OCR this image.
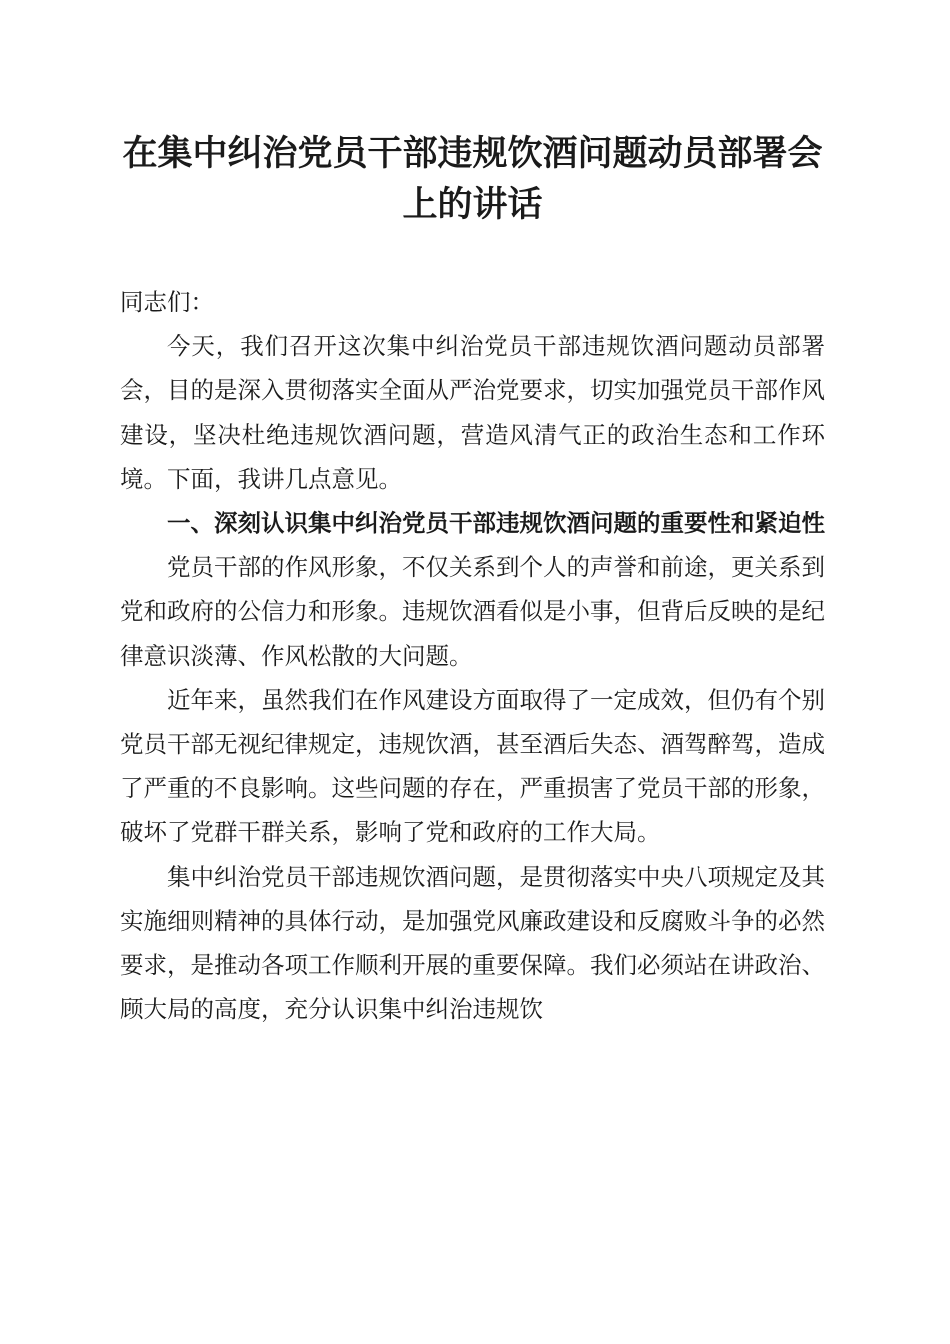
在集中纠治党员干部违规饮酒问题动员部署会
上的讲话

同志们：

今天，我们召开这次集中纠治党员干部违规饮酒问题动员部署会，目的是深入贯彻落实全面从严治党要求，切实加强党员干部作风建设，坚决杜绝违规饮酒问题，营造风清气正的政治生态和工作环境。下面，我讲几点意见。

一、深刻认识集中纠治党员干部违规饮酒问题的重要性和紧迫性

党员干部的作风形象，不仅关系到个人的声誉和前途，更关系到党和政府的公信力和形象。违规饮酒看似是小事，但背后反映的是纪律意识淡薄、作风松散的大问题。

近年来，虽然我们在作风建设方面取得了一定成效，但仍有个别党员干部无视纪律规定，违规饮酒，甚至酒后失态、酒驾醉驾，造成了严重的不良影响。这些问题的存在，严重损害了党员干部的形象，破坏了党群干群关系，影响了党和政府的工作大局。

集中纠治党员干部违规饮酒问题，是贯彻落实中央八项规定及其实施细则精神的具体行动，是加强党风廉政建设和反腐败斗争的必然要求，是推动各项工作顺利开展的重要保障。我们必须站在讲政治、顾大局的高度，充分认识集中纠治违规饮
